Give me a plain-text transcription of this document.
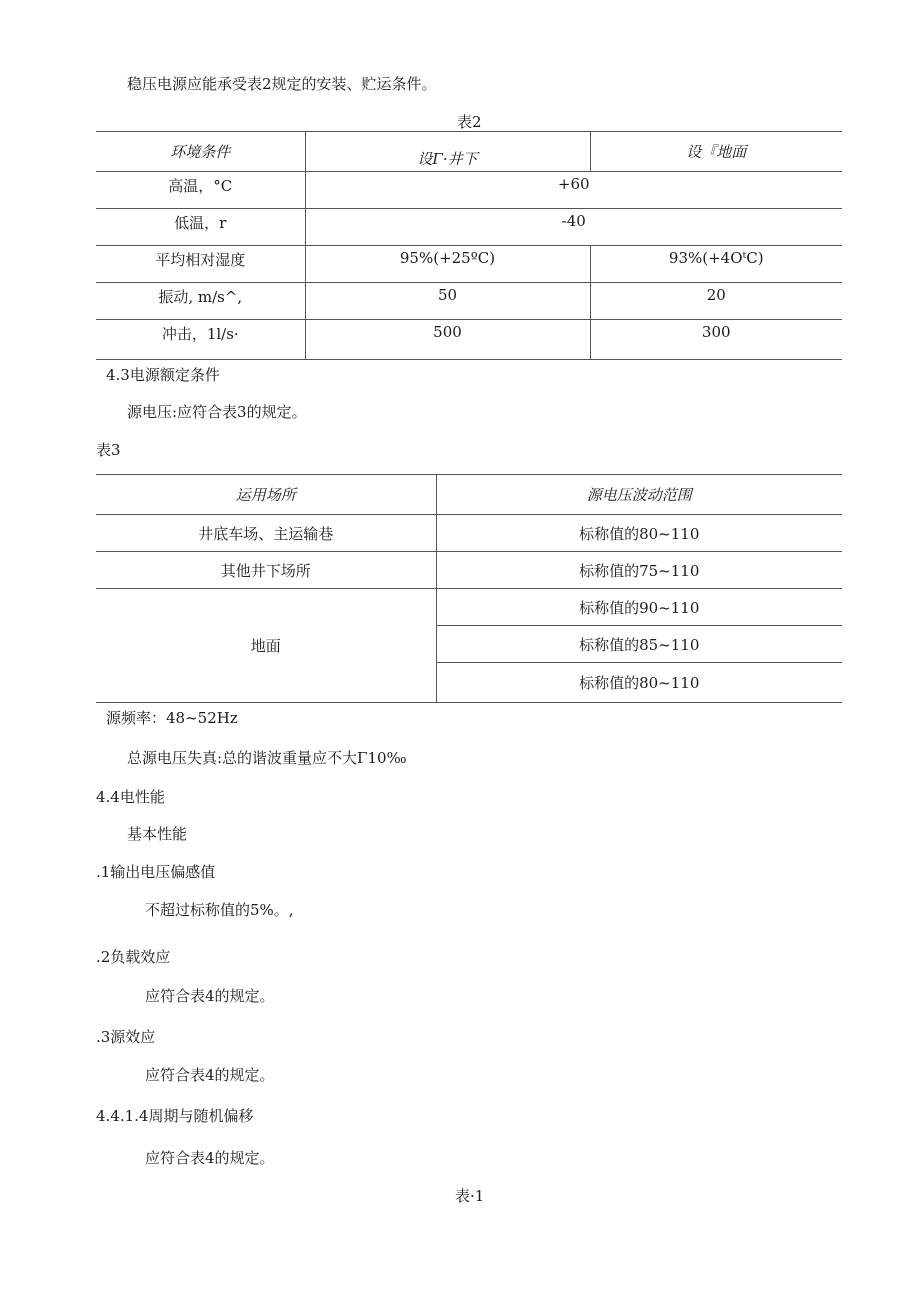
稳压电源应能承受表2规定的安装、贮运条件。
表2
环境条件	设Γ·井下	设『地面
高温，°C	+60	
低温，r	-40	
平均相对湿度	95%(+25ºC)	93%(+4OᵗC)
振动, m∕s^,	50	20
冲击，1l∕s·	500	300
4.3电源额定条件
源电压:应符合表3的规定。
表3
运用场所	源电压波动范围
井底车场、主运输巷	标称值的80~110
其他井下场所	标称值的75~110
地面	标称值的90~110
	标称值的85~110
	标称值的80~110
源频率：48~52Hz
总源电压失真:总的谐波重量应不大Γ10‰
4.4电性能
基本性能
.1输出电压偏感值
不超过标称值的5%。,
.2负载效应
应符合表4的规定。
.3源效应
应符合表4的规定。
4.4.1.4周期与随机偏移
应符合表4的规定。
表·1
